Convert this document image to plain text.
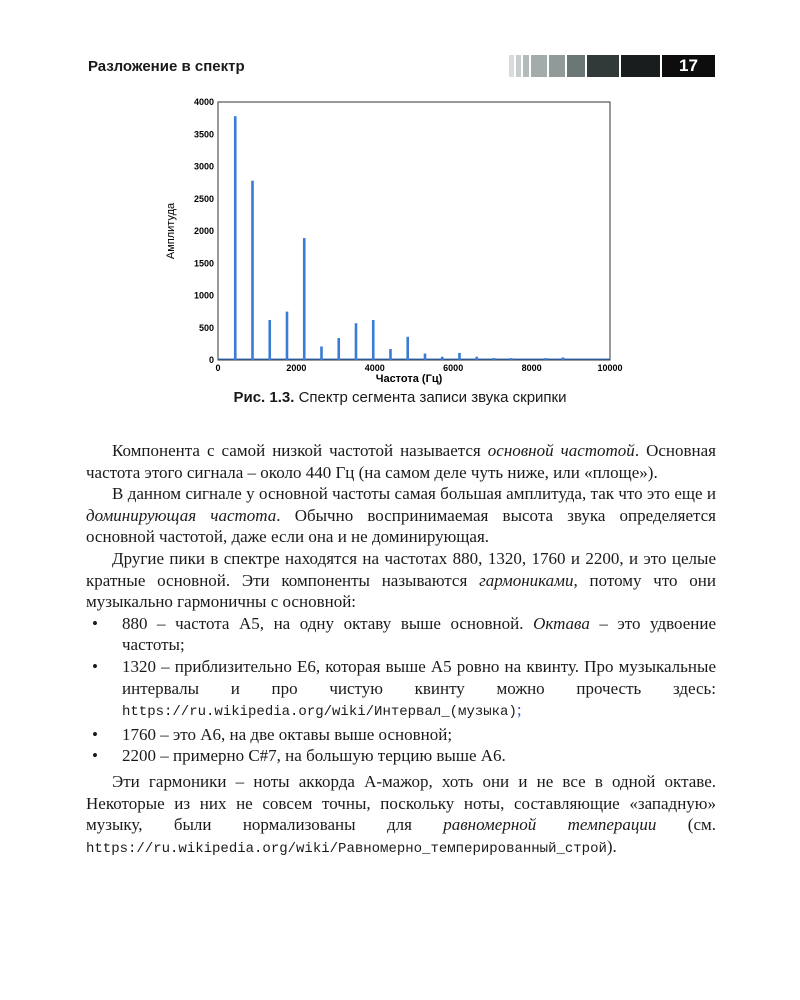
Разложение в спектр	17
0	2000	4000	6000	8000	10000
0
500
1000
1500
2000
2500
3000
3500
4000
Частота (Гц)
Амплитуда
Рис. 1.3. Спектр сегмента записи звука скрипки

Компонента с самой низкой частотой называется основной частотой. Основная частота этого сигнала – около 440 Гц (на самом деле чуть ниже, или «площе»).

В данном сигнале у основной частоты самая большая амплитуда, так что это еще и доминирующая частота. Обычно воспринимаемая высота звука определяется основной частотой, даже если она и не доминирующая.

Другие пики в спектре находятся на частотах 880, 1320, 1760 и 2200, и это целые кратные основной. Эти компоненты называются гармониками, потому что они музыкально гармоничны с основной:

• 880 – частота A5, на одну октаву выше основной. Октава – это удвоение частоты;
• 1320 – приблизительно E6, которая выше A5 ровно на квинту. Про музыкальные интервалы и про чистую квинту можно прочесть здесь: https://ru.wikipedia.org/wiki/Интервал_(музыка);
• 1760 – это A6, на две октавы выше основной;
• 2200 – примерно C#7, на большую терцию выше A6.

Эти гармоники – ноты аккорда A-мажор, хоть они и не все в одной октаве. Некоторые из них не совсем точны, поскольку ноты, составляющие «западную» музыку, были нормализованы для равномерной темперации (см. https://ru.wikipedia.org/wiki/Равномерно_темперированный_строй).
